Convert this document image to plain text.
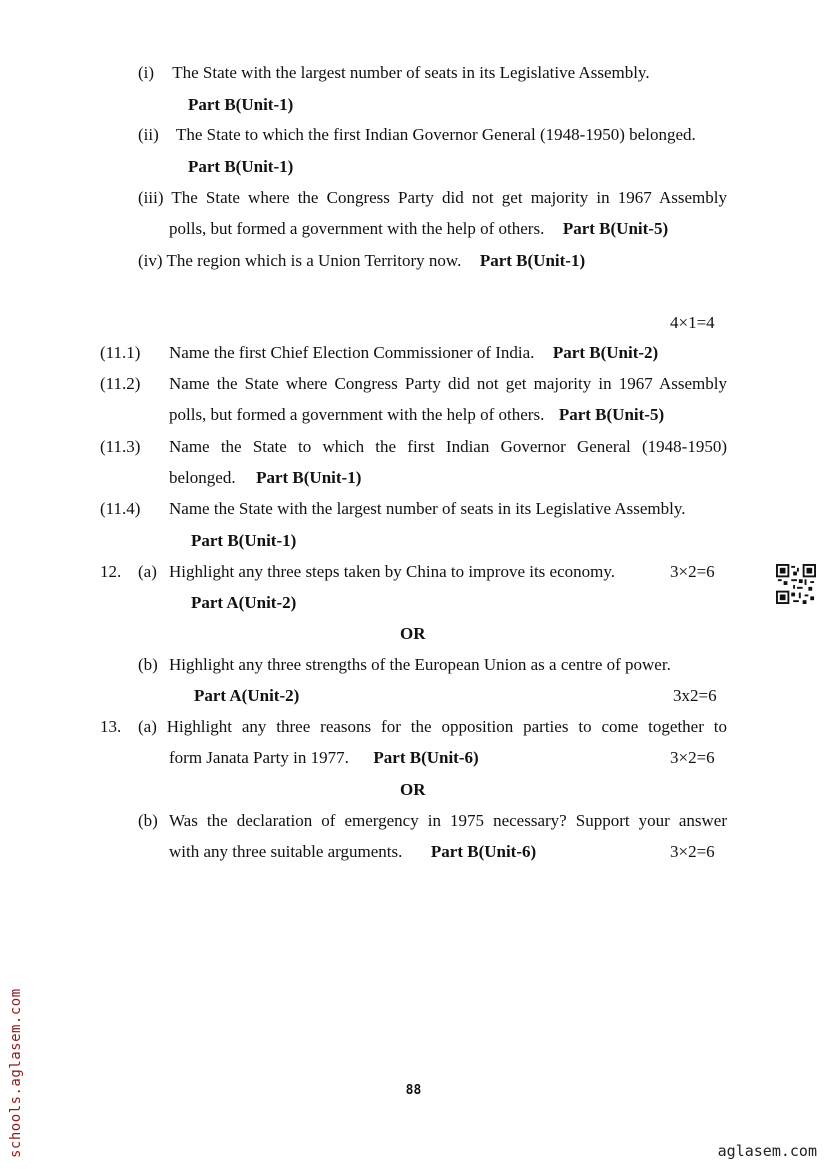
(i) The State with the largest number of seats in its Legislative Assembly.
Part B(Unit-1)
(ii) The State to which the first Indian Governor General (1948-1950) belonged.
Part B(Unit-1)
(iii) The State where the Congress Party did not get majority in 1967 Assembly
polls, but formed a government with the help of others. Part B(Unit-5)
(iv) The region which is a Union Territory now. Part B(Unit-1)
4×1=4
(11.1) Name the first Chief Election Commissioner of India. Part B(Unit-2)
(11.2) Name the State where Congress Party did not get majority in 1967 Assembly
polls, but formed a government with the help of others. Part B(Unit-5)
(11.3) Name the State to which the first Indian Governor General (1948-1950)
belonged. Part B(Unit-1)
(11.4) Name the State with the largest number of seats in its Legislative Assembly.
Part B(Unit-1)
12. (a) Highlight any three steps taken by China to improve its economy.	3×2=6
Part A(Unit-2)
OR
(b) Highlight any three strengths of the European Union as a centre of power.
Part A(Unit-2)	3x2=6
13. (a) Highlight any three reasons for the opposition parties to come together to
form Janata Party in 1977. Part B(Unit-6)	3×2=6
OR
(b) Was the declaration of emergency in 1975 necessary? Support your answer
with any three suitable arguments. Part B(Unit-6)	3×2=6
88
schools.aglasem.com	aglasem.com
